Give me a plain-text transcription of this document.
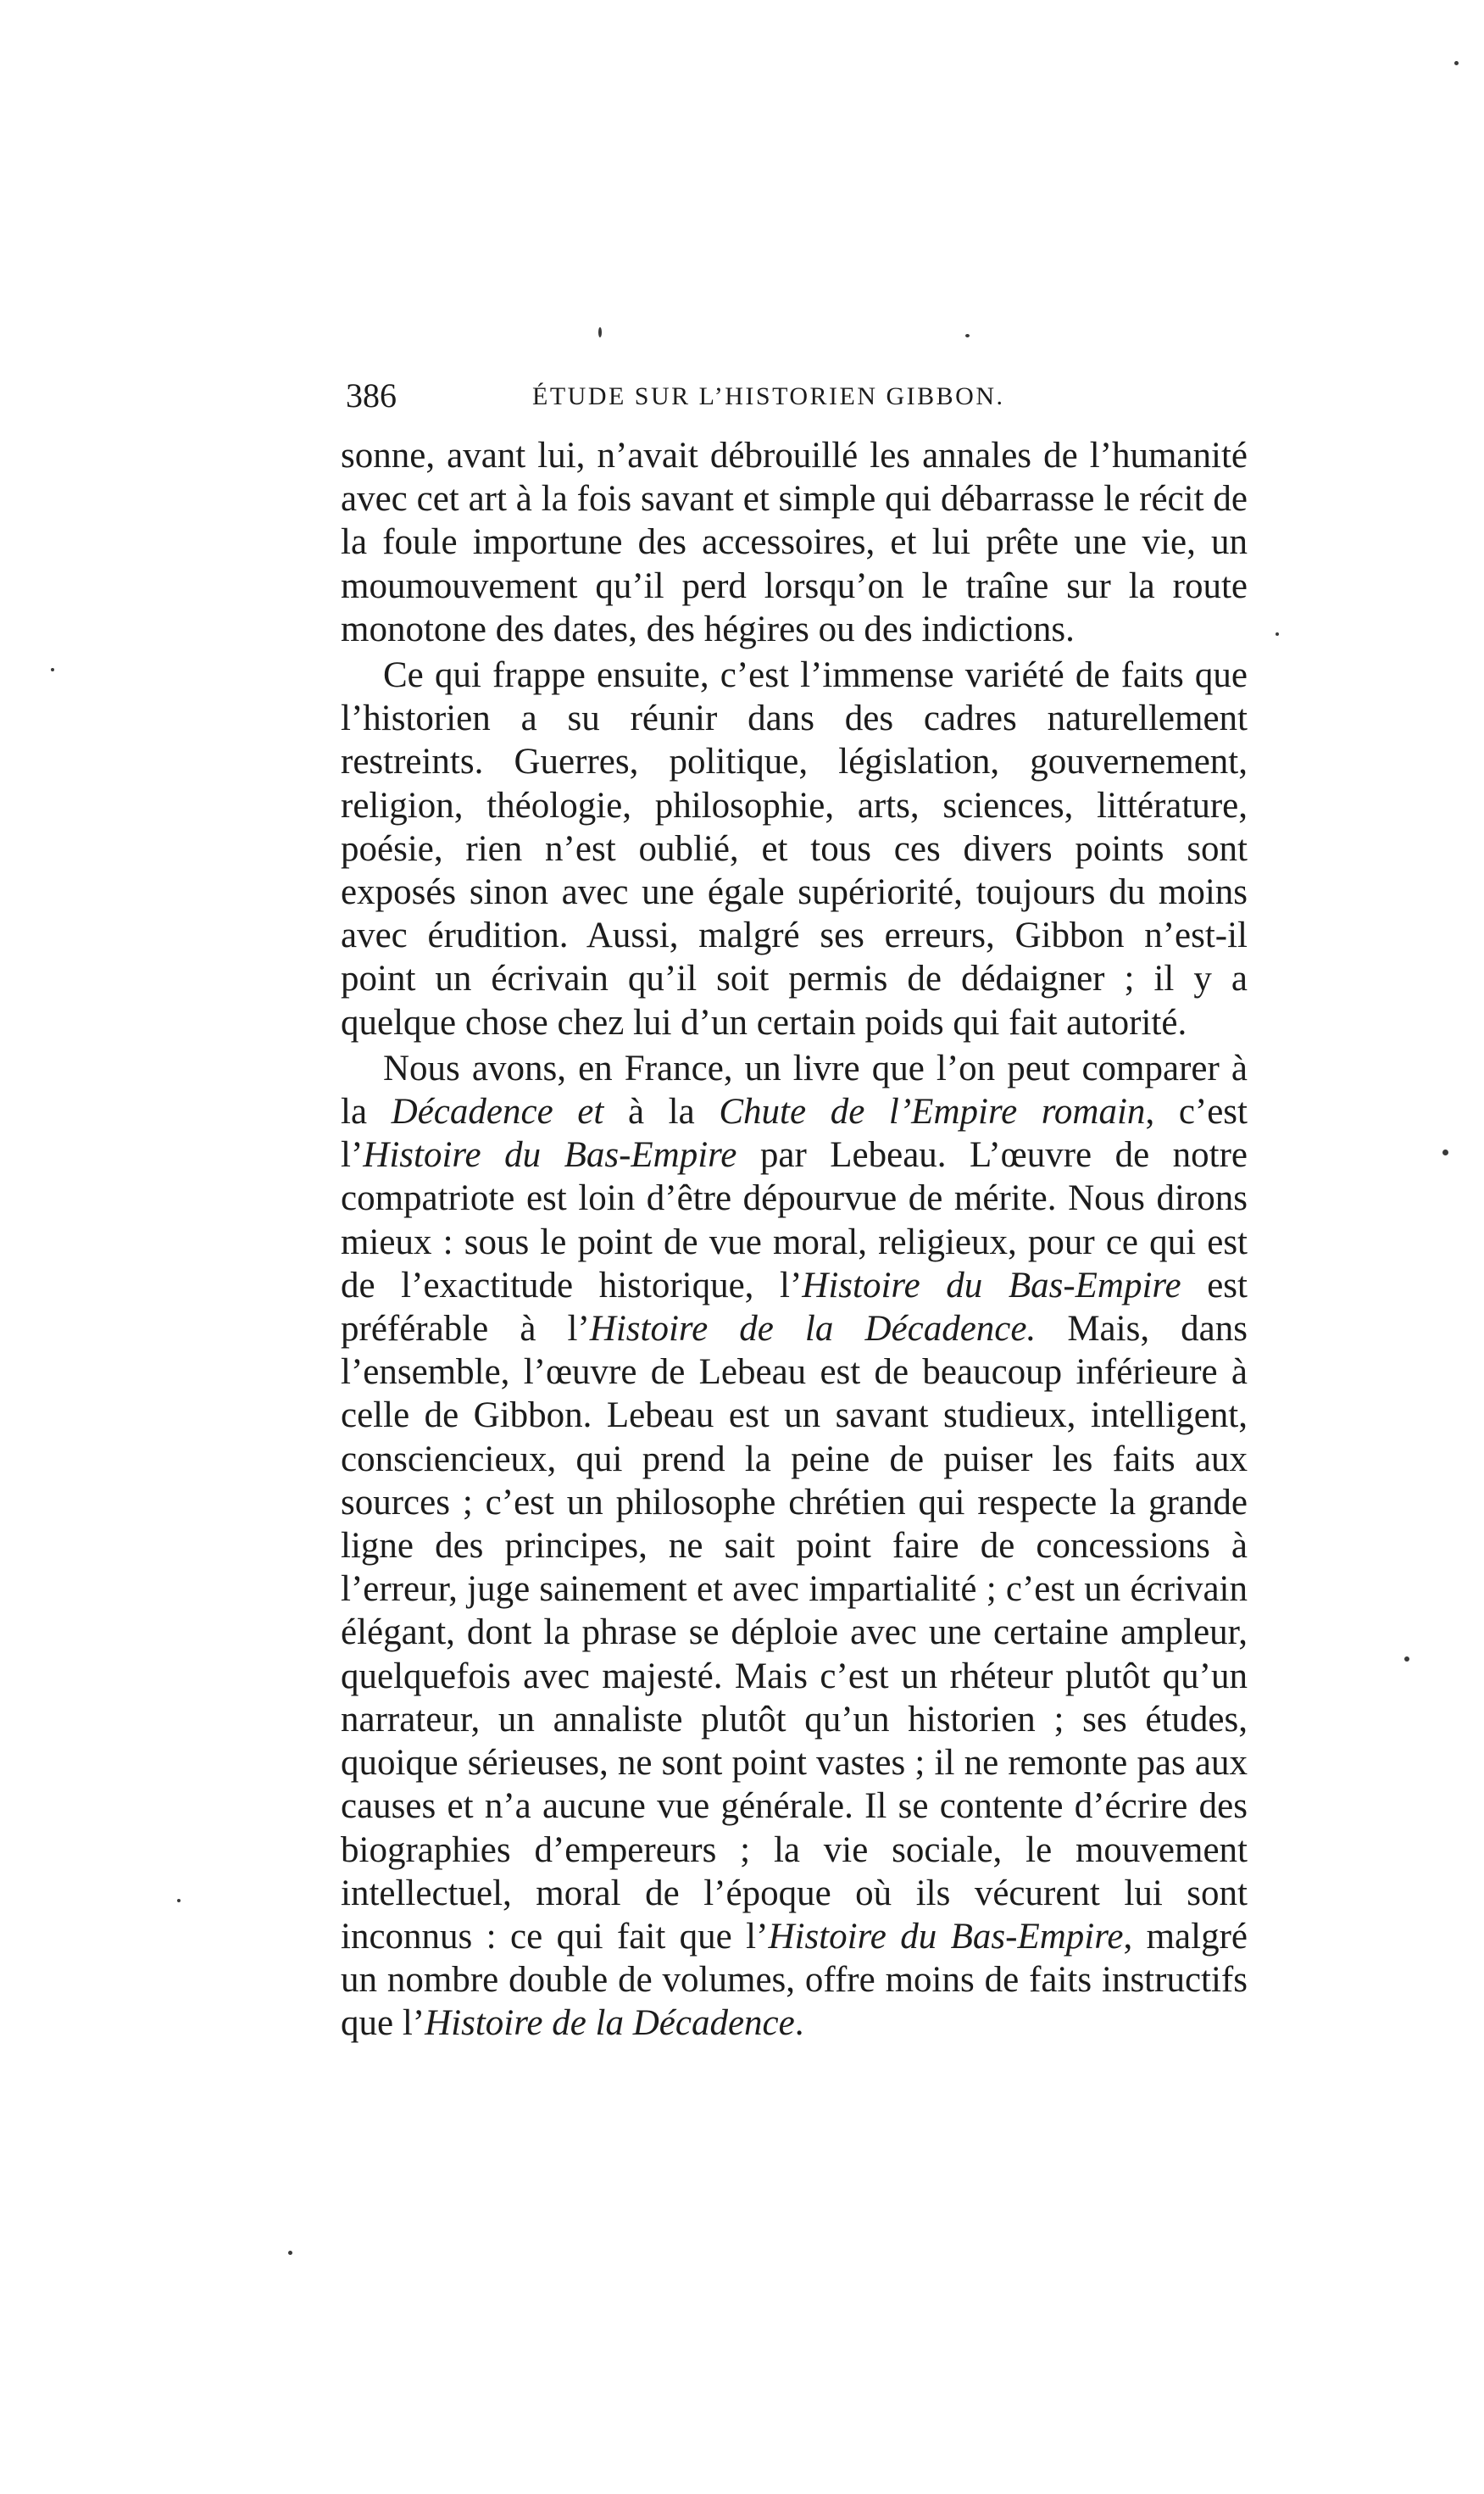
386	ÉTUDE SUR L’HISTORIEN GIBBON.

sonne, avant lui, n’avait débrouillé les annales de l’humanité avec cet art à la fois savant et simple qui débarrasse le récit de la foule importune des accessoires, et lui prête une vie, un moumouvement qu’il perd lorsqu’on le traîne sur la route monotone des dates, des hégires ou des indictions.

Ce qui frappe ensuite, c’est l’immense variété de faits que l’historien a su réunir dans des cadres naturellement restreints. Guerres, politique, législation, gouvernement, religion, théologie, philosophie, arts, sciences, littérature, poésie, rien n’est oublié, et tous ces divers points sont exposés sinon avec une égale supériorité, toujours du moins avec érudition. Aussi, malgré ses erreurs, Gibbon n’est-il point un écrivain qu’il soit permis de dédaigner ; il y a quelque chose chez lui d’un certain poids qui fait autorité.

Nous avons, en France, un livre que l’on peut comparer à la Décadence et à la Chute de l’Empire romain, c’est l’Histoire du Bas-Empire par Lebeau. L’œuvre de notre compatriote est loin d’être dépourvue de mérite. Nous dirons mieux : sous le point de vue moral, religieux, pour ce qui est de l’exactitude historique, l’Histoire du Bas-Empire est préférable à l’Histoire de la Décadence. Mais, dans l’ensemble, l’œuvre de Lebeau est de beaucoup inférieure à celle de Gibbon. Lebeau est un savant studieux, intelligent, consciencieux, qui prend la peine de puiser les faits aux sources ; c’est un philosophe chrétien qui respecte la grande ligne des principes, ne sait point faire de concessions à l’erreur, juge sainement et avec impartialité ; c’est un écrivain élégant, dont la phrase se déploie avec une certaine ampleur, quelquefois avec majesté. Mais c’est un rhéteur plutôt qu’un narrateur, un annaliste plutôt qu’un historien ; ses études, quoique sérieuses, ne sont point vastes ; il ne remonte pas aux causes et n’a aucune vue générale. Il se contente d’écrire des biographies d’empereurs ; la vie sociale, le mouvement intellectuel, moral de l’époque où ils vécurent lui sont inconnus : ce qui fait que l’Histoire du Bas-Empire, malgré un nombre double de volumes, offre moins de faits instructifs que l’Histoire de la Décadence.
